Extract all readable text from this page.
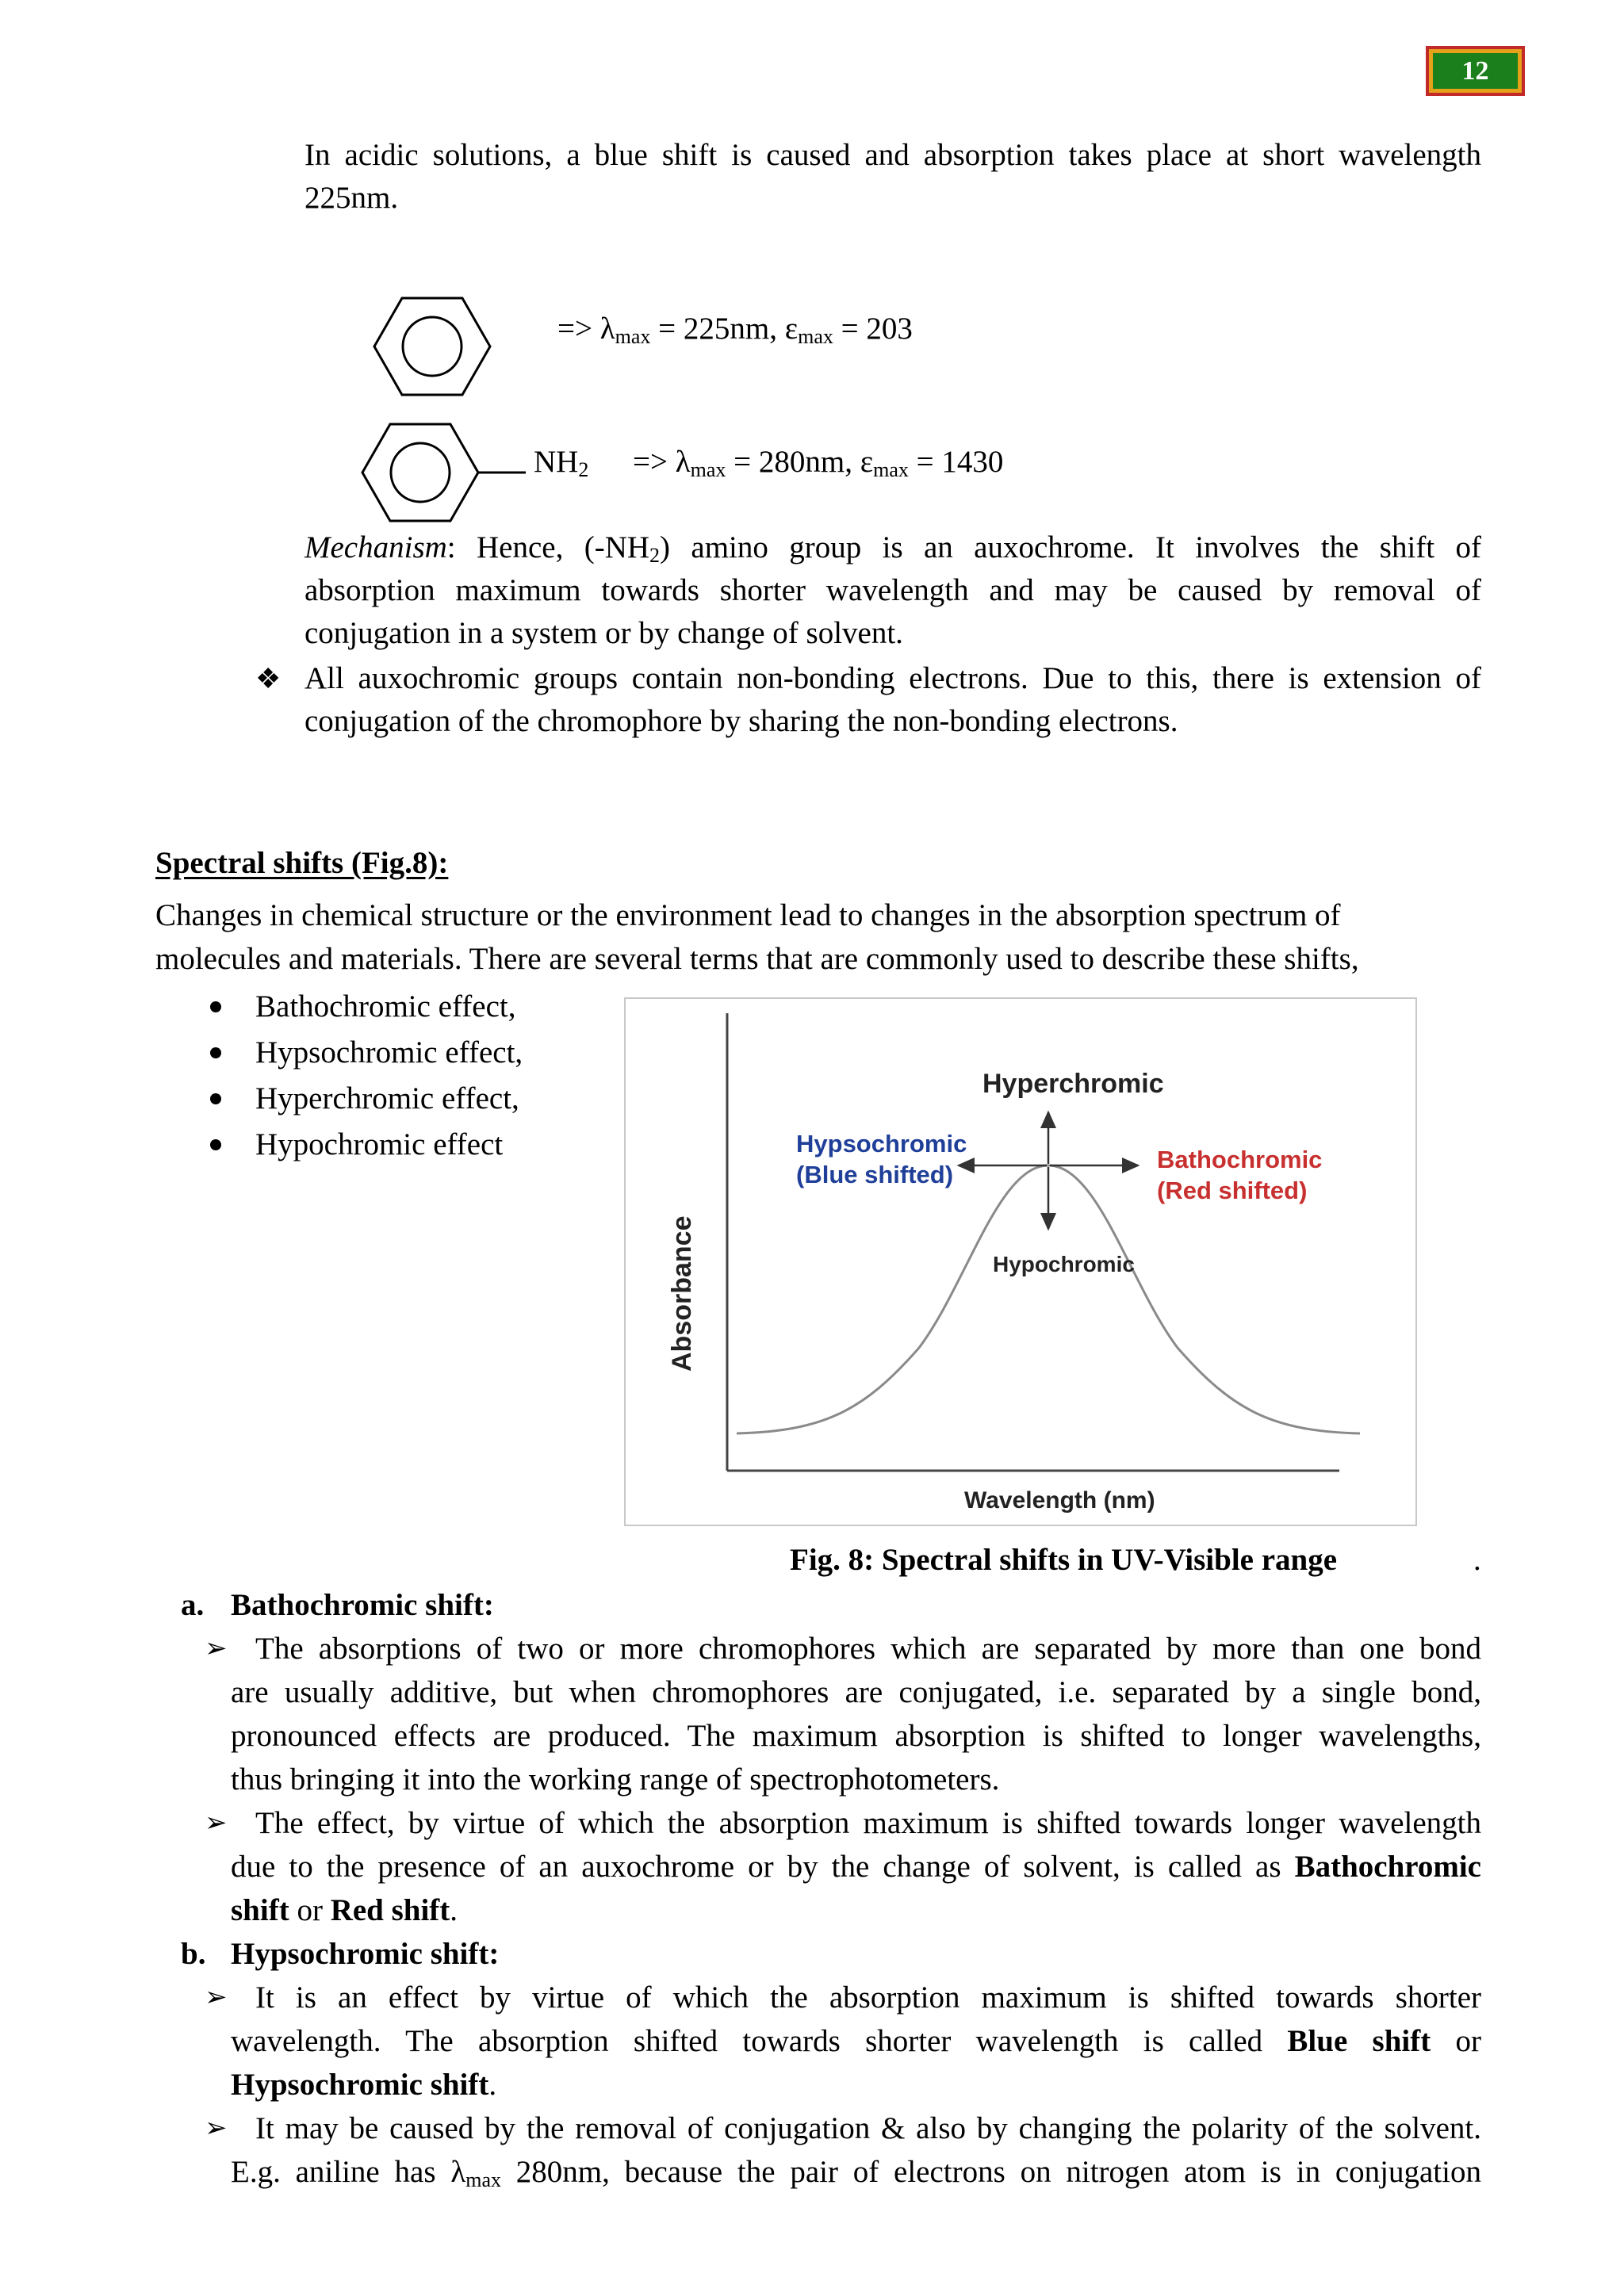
12
In acidic solutions, a blue shift is caused and absorption takes place at short wavelength
225nm.
=> $\lambda_{max} = 225nm$, $\varepsilon_{max} = 203$
$NH_2 => \lambda_{max} = 280nm$, $\varepsilon_{max} = 1430$
Mechanism: Hence, $(-NH_2)$ amino group is an auxochrome. It involves the shift of
absorption maximum towards shorter wavelength and may be caused by removal of
conjugation in a system or by change of solvent.
❖ All auxochromic groups contain non-bonding electrons. Due to this, there is extension of
conjugation of the chromophore by sharing the non-bonding electrons.
Spectral shifts (Fig.8):
Changes in chemical structure or the environment lead to changes in the absorption spectrum of
molecules and materials. There are several terms that are commonly used to describe these shifts,
Bathochromic effect,
Hypsochromic effect,
Hyperchromic effect,
Hypochromic effect
Hyperchromic
Hypochromic
Hypsochromic
(Blue shifted)
Bathochromic
(Red shifted)
Wavelength (nm)
Absorbance
Fig. 8: Spectral shifts in UV-Visible range	.
a. Bathochromic shift:
➢ The absorptions of two or more chromophores which are separated by more than one bond
are usually additive, but when chromophores are conjugated, i.e. separated by a single bond,
pronounced effects are produced. The maximum absorption is shifted to longer wavelengths,
thus bringing it into the working range of spectrophotometers.
➢ The effect, by virtue of which the absorption maximum is shifted towards longer wavelength
due to the presence of an auxochrome or by the change of solvent, is called as Bathochromic
shift or Red shift.
b. Hypsochromic shift:
➢ It is an effect by virtue of which the absorption maximum is shifted towards shorter
wavelength. The absorption shifted towards shorter wavelength is called Blue shift or
Hypsochromic shift.
➢ It may be caused by the removal of conjugation & also by changing the polarity of the solvent.
E.g. aniline has $\lambda_{max}$ 280nm, because the pair of electrons on nitrogen atom is in conjugation
